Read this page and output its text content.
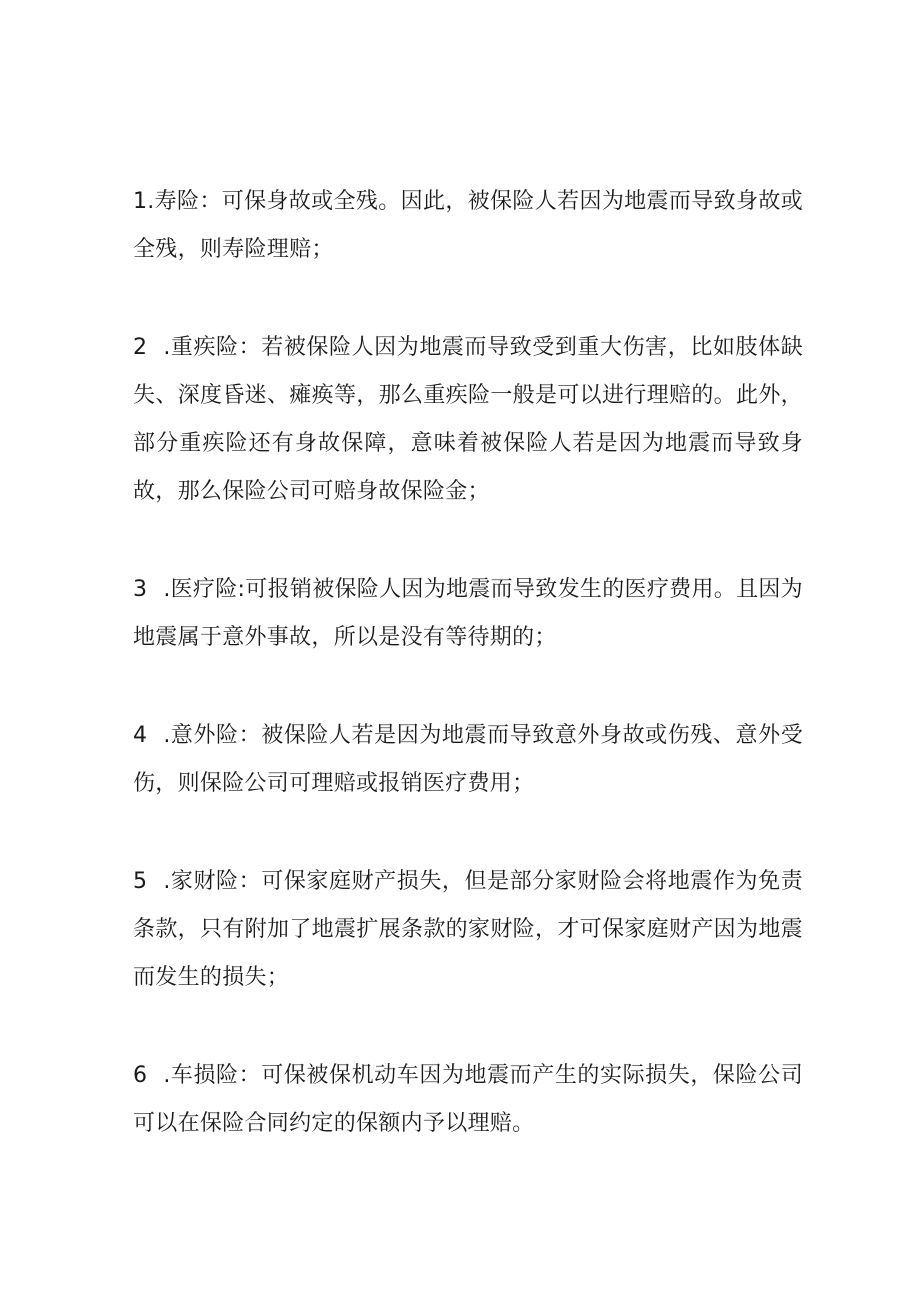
1.寿险：可保身故或全残。因此，被保险人若因为地震而导致身故或全残，则寿险理赔；

2 .重疾险：若被保险人因为地震而导致受到重大伤害，比如肢体缺失、深度昏迷、瘫痪等，那么重疾险一般是可以进行理赔的。此外，部分重疾险还有身故保障，意味着被保险人若是因为地震而导致身故，那么保险公司可赔身故保险金；

3 .医疗险:可报销被保险人因为地震而导致发生的医疗费用。且因为地震属于意外事故，所以是没有等待期的；

4 .意外险：被保险人若是因为地震而导致意外身故或伤残、意外受伤，则保险公司可理赔或报销医疗费用；

5 .家财险：可保家庭财产损失，但是部分家财险会将地震作为免责条款，只有附加了地震扩展条款的家财险，才可保家庭财产因为地震而发生的损失；

6 .车损险：可保被保机动车因为地震而产生的实际损失，保险公司可以在保险合同约定的保额内予以理赔。
